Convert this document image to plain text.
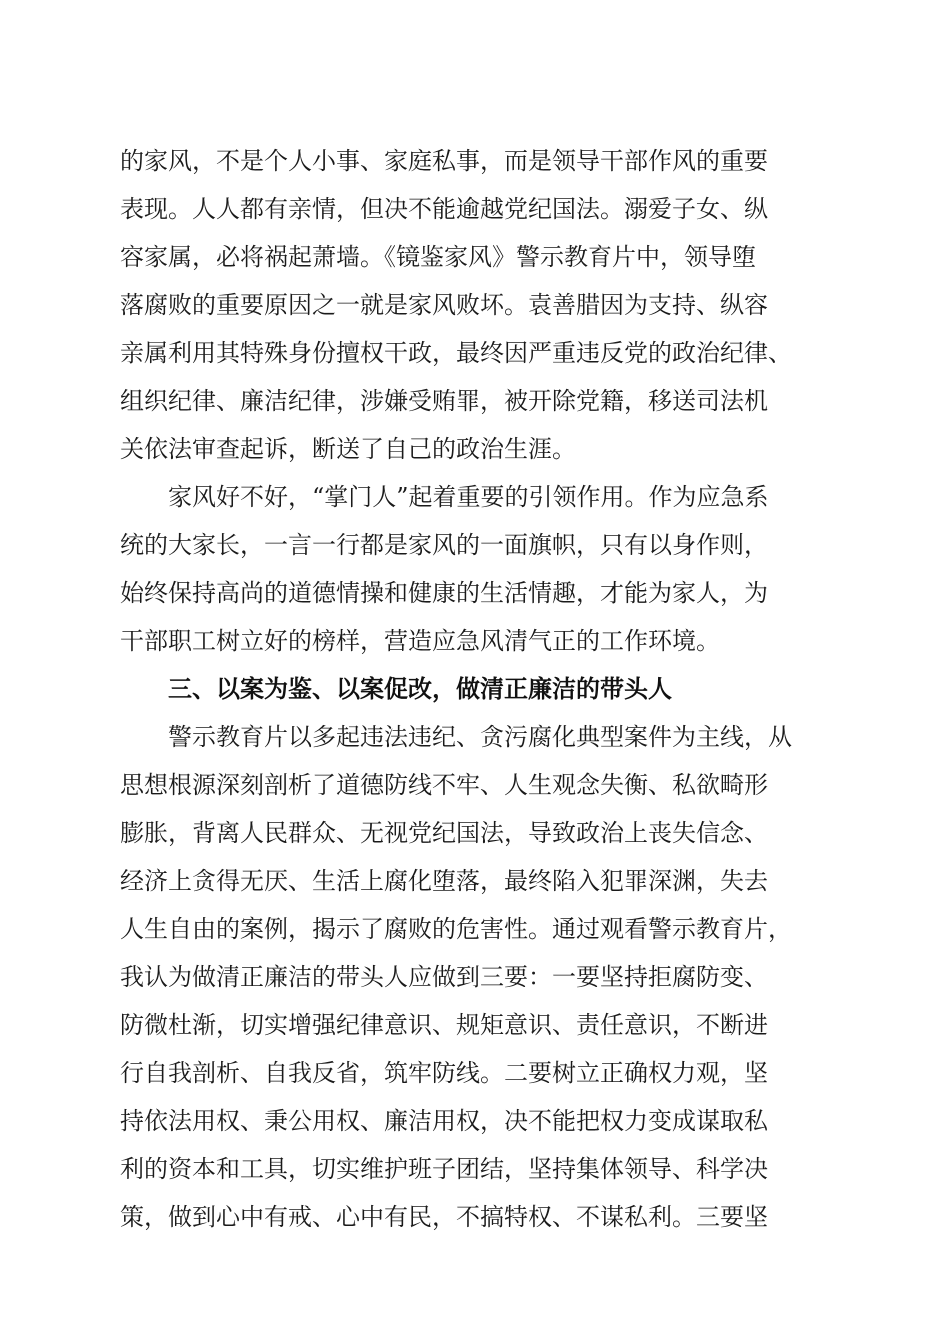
的家风，不是个人小事、家庭私事，而是领导干部作风的重要
表现。人人都有亲情，但决不能逾越党纪国法。溺爱子女、纵
容家属，必将祸起萧墙。《镜鉴家风》警示教育片中，领导堕
落腐败的重要原因之一就是家风败坏。袁善腊因为支持、纵容
亲属利用其特殊身份擅权干政，最终因严重违反党的政治纪律、
组织纪律、廉洁纪律，涉嫌受贿罪，被开除党籍，移送司法机
关依法审查起诉，断送了自己的政治生涯。
家风好不好，“掌门人”起着重要的引领作用。作为应急系
统的大家长，一言一行都是家风的一面旗帜，只有以身作则，
始终保持高尚的道德情操和健康的生活情趣，才能为家人，为
干部职工树立好的榜样，营造应急风清气正的工作环境。
三、以案为鉴、以案促改，做清正廉洁的带头人
警示教育片以多起违法违纪、贪污腐化典型案件为主线，从
思想根源深刻剖析了道德防线不牢、人生观念失衡、私欲畸形
膨胀，背离人民群众、无视党纪国法，导致政治上丧失信念、
经济上贪得无厌、生活上腐化堕落，最终陷入犯罪深渊，失去
人生自由的案例，揭示了腐败的危害性。通过观看警示教育片，
我认为做清正廉洁的带头人应做到三要：一要坚持拒腐防变、
防微杜渐，切实增强纪律意识、规矩意识、责任意识，不断进
行自我剖析、自我反省，筑牢防线。二要树立正确权力观，坚
持依法用权、秉公用权、廉洁用权，决不能把权力变成谋取私
利的资本和工具，切实维护班子团结，坚持集体领导、科学决
策，做到心中有戒、心中有民，不搞特权、不谋私利。三要坚
